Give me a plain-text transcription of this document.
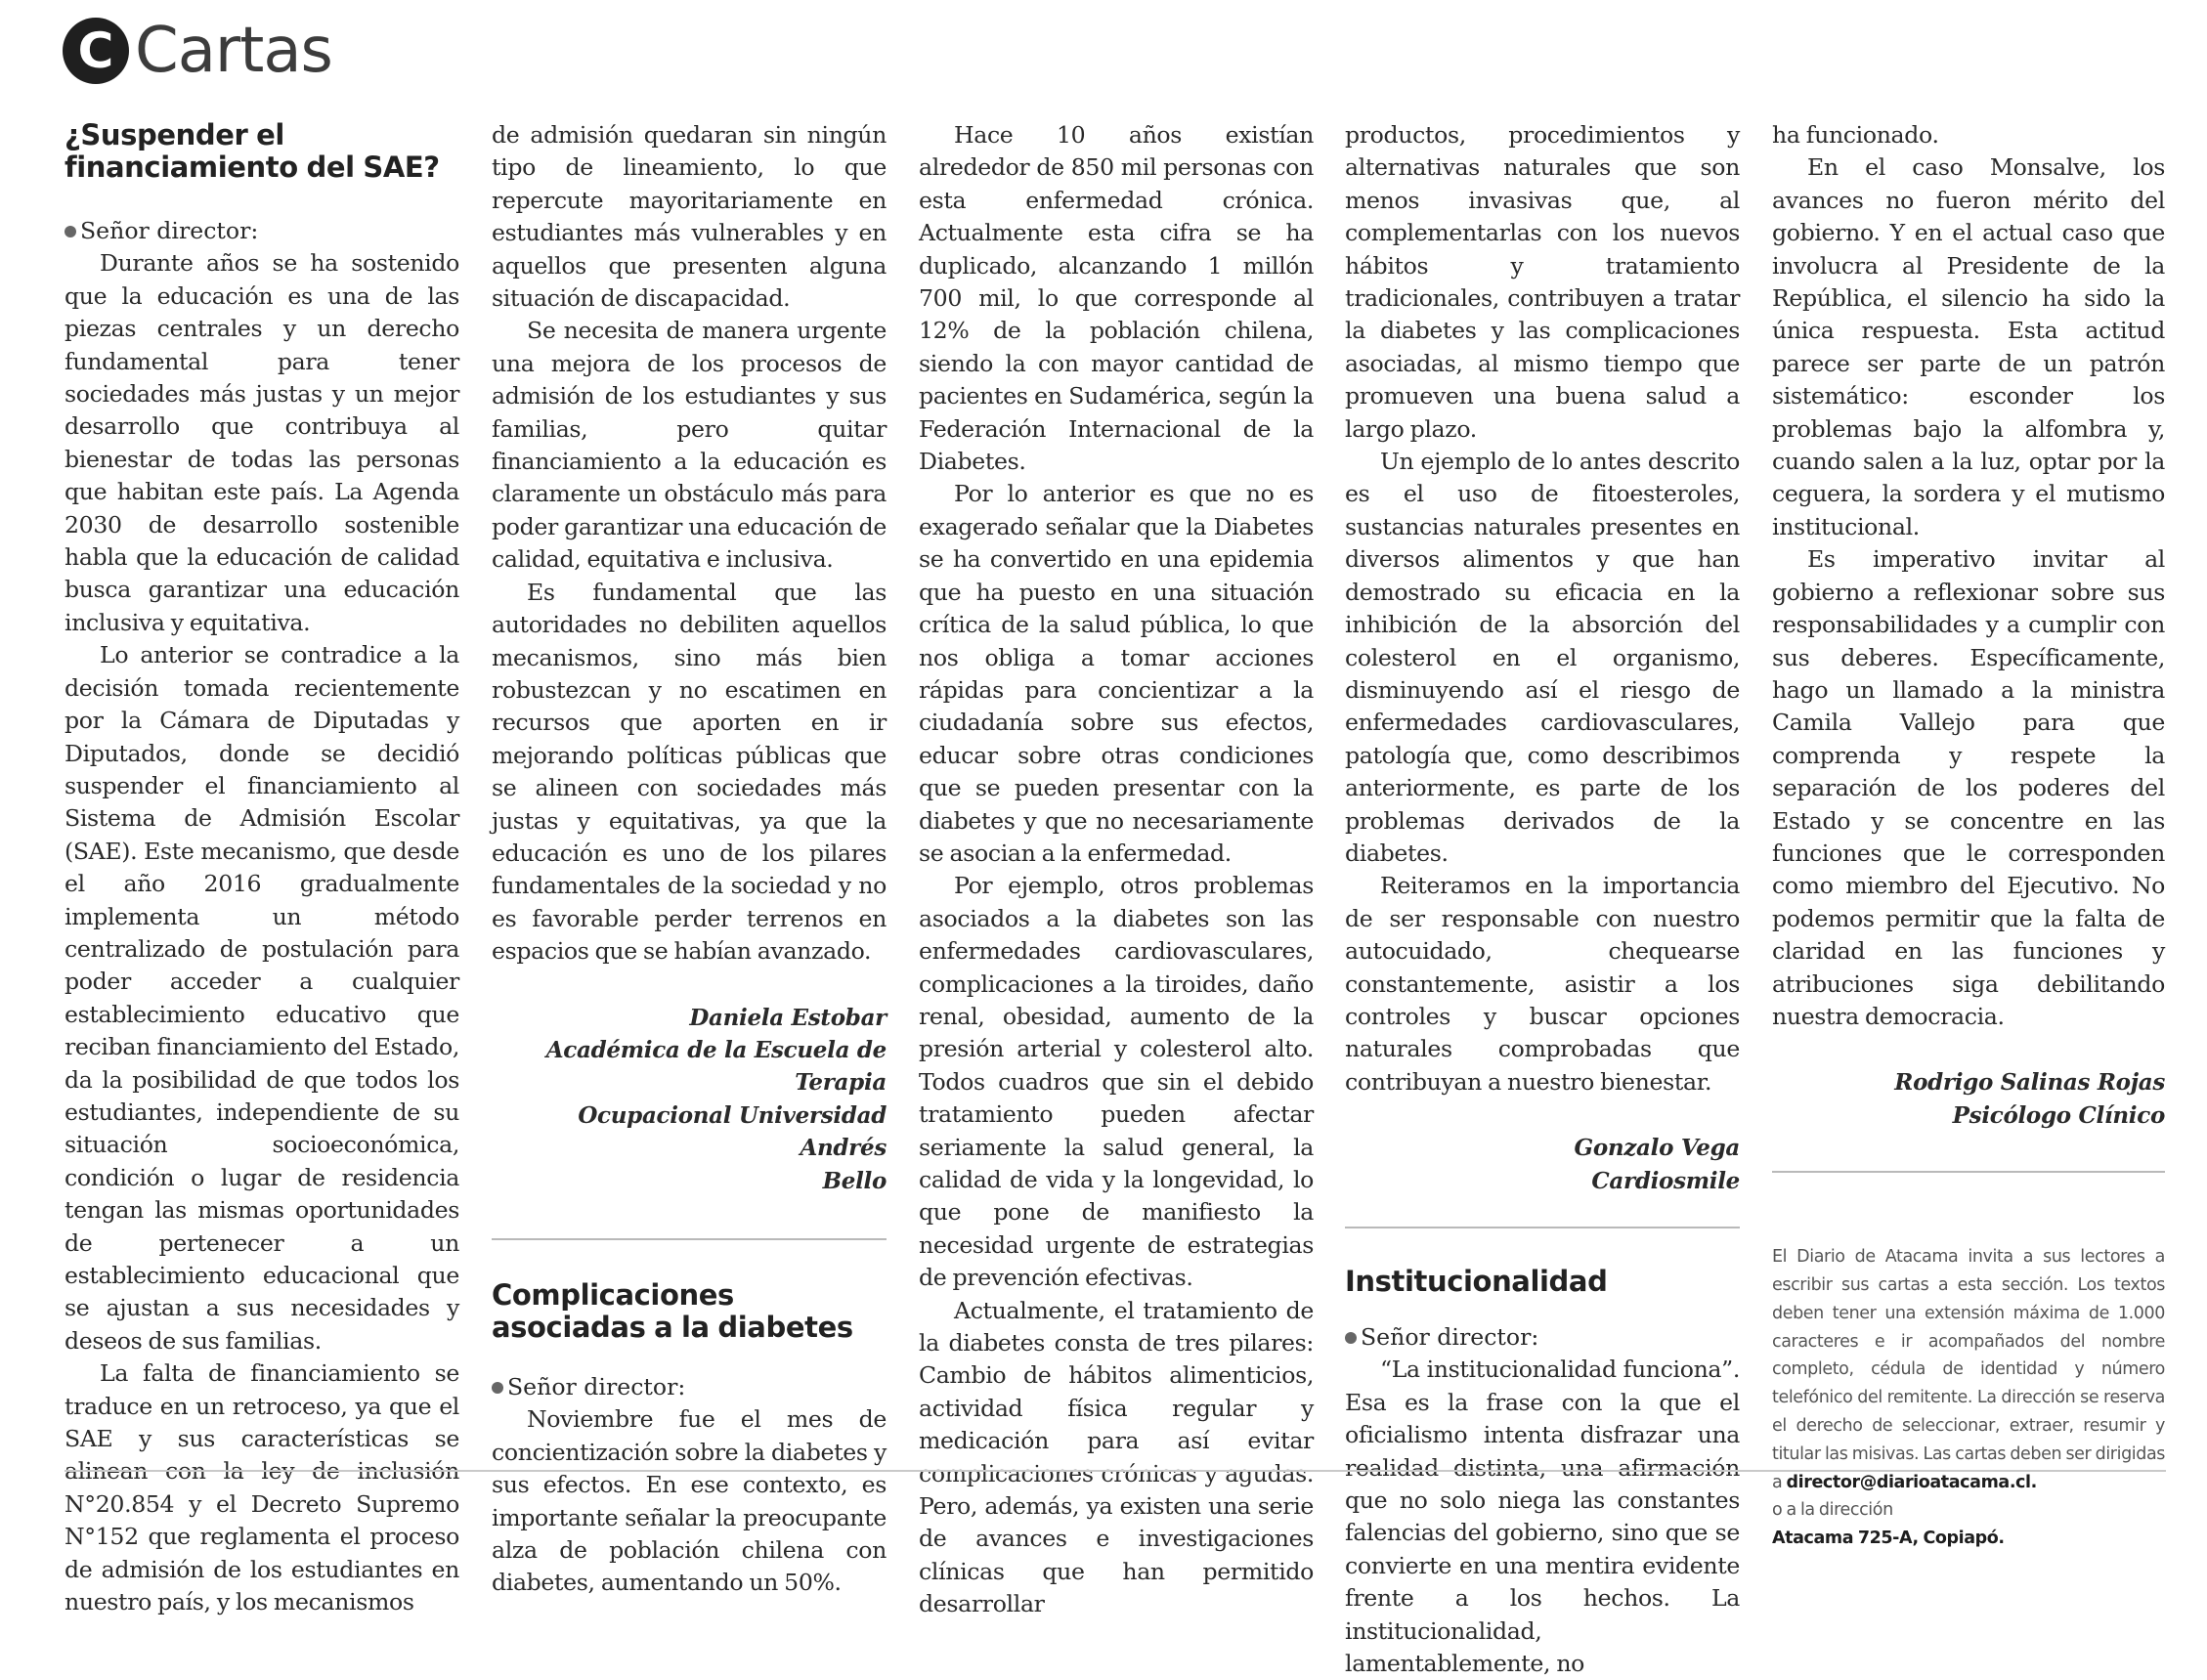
C Cartas
¿Suspender el financiamiento del SAE?

Señor director:

Durante años se ha sostenido que la educación es una de las piezas centrales y un derecho fundamental para tener sociedades más justas y un mejor desarrollo que contribuya al bienestar de todas las personas que habitan este país. La Agenda 2030 de desarrollo sostenible habla que la educación de calidad busca garantizar una educación inclusiva y equitativa.

Lo anterior se contradice a la decisión tomada recientemente por la Cámara de Diputadas y Diputados, donde se decidió suspender el financiamiento al Sistema de Admisión Escolar (SAE). Este mecanismo, que desde el año 2016 gradualmente implementa un método centralizado de postulación para poder acceder a cualquier establecimiento educativo que reciban financiamiento del Estado, da la posibilidad de que todos los estudiantes, independiente de su situación socioeconómica, condición o lugar de residencia tengan las mismas oportunidades de pertenecer a un establecimiento educacional que se ajustan a sus necesidades y deseos de sus familias.

La falta de financiamiento se traduce en un retroceso, ya que el SAE y sus características se alinean con la ley de inclusión N°20.854 y el Decreto Supremo N°152 que reglamenta el proceso de admisión de los estudiantes en nuestro país, y los mecanismos

de admisión quedaran sin ningún tipo de lineamiento, lo que repercute mayoritariamente en estudiantes más vulnerables y en aquellos que presenten alguna situación de discapacidad.

Se necesita de manera urgente una mejora de los procesos de admisión de los estudiantes y sus familias, pero quitar financiamiento a la educación es claramente un obstáculo más para poder garantizar una educación de calidad, equitativa e inclusiva.

Es fundamental que las autoridades no debiliten aquellos mecanismos, sino más bien robustezcan y no escatimen en recursos que aporten en ir mejorando políticas públicas que se alineen con sociedades más justas y equitativas, ya que la educación es uno de los pilares fundamentales de la sociedad y no es favorable perder terrenos en espacios que se habían avanzado.

Daniela Estobar
Académica de la Escuela de Terapia
Ocupacional Universidad Andrés
Bello
Complicaciones asociadas a la diabetes

Señor director:

Noviembre fue el mes de concientización sobre la diabetes y sus efectos. En ese contexto, es importante señalar la preocupante alza de población chilena con diabetes, aumentando un 50%.

Hace 10 años existían alrededor de 850 mil personas con esta enfermedad crónica. Actualmente esta cifra se ha duplicado, alcanzando 1 millón 700 mil, lo que corresponde al 12% de la población chilena, siendo la con mayor cantidad de pacientes en Sudamérica, según la Federación Internacional de la Diabetes.

Por lo anterior es que no es exagerado señalar que la Diabetes se ha convertido en una epidemia que ha puesto en una situación crítica de la salud pública, lo que nos obliga a tomar acciones rápidas para concientizar a la ciudadanía sobre sus efectos, educar sobre otras condiciones que se pueden presentar con la diabetes y que no necesariamente se asocian a la enfermedad.

Por ejemplo, otros problemas asociados a la diabetes son las enfermedades cardiovasculares, complicaciones a la tiroides, daño renal, obesidad, aumento de la presión arterial y colesterol alto. Todos cuadros que sin el debido tratamiento pueden afectar seriamente la salud general, la calidad de vida y la longevidad, lo que pone de manifiesto la necesidad urgente de estrategias de prevención efectivas.

Actualmente, el tratamiento de la diabetes consta de tres pilares: Cambio de hábitos alimenticios, actividad física regular y medicación para así evitar complicaciones crónicas y agudas. Pero, además, ya existen una serie de avances e investigaciones clínicas que han permitido desarrollar

productos, procedimientos y alternativas naturales que son menos invasivas que, al complementarlas con los nuevos hábitos y tratamiento tradicionales, contribuyen a tratar la diabetes y las complicaciones asociadas, al mismo tiempo que promueven una buena salud a largo plazo.

Un ejemplo de lo antes descrito es el uso de fitoesteroles, sustancias naturales presentes en diversos alimentos y que han demostrado su eficacia en la inhibición de la absorción del colesterol en el organismo, disminuyendo así el riesgo de enfermedades cardiovasculares, patología que, como describimos anteriormente, es parte de los problemas derivados de la diabetes.

Reiteramos en la importancia de ser responsable con nuestro autocuidado, chequearse constantemente, asistir a los controles y buscar opciones naturales comprobadas que contribuyan a nuestro bienestar.

Gonzalo Vega
Cardiosmile
Institucionalidad

Señor director:

“La institucionalidad funciona”. Esa es la frase con la que el oficialismo intenta disfrazar una realidad distinta, una afirmación que no solo niega las constantes falencias del gobierno, sino que se convierte en una mentira evidente frente a los hechos. La institucionalidad, lamentablemente, no

ha funcionado.

En el caso Monsalve, los avances no fueron mérito del gobierno. Y en el actual caso que involucra al Presidente de la República, el silencio ha sido la única respuesta. Esta actitud parece ser parte de un patrón sistemático: esconder los problemas bajo la alfombra y, cuando salen a la luz, optar por la ceguera, la sordera y el mutismo institucional.

Es imperativo invitar al gobierno a reflexionar sobre sus responsabilidades y a cumplir con sus deberes. Específicamente, hago un llamado a la ministra Camila Vallejo para que comprenda y respete la separación de los poderes del Estado y se concentre en las funciones que le corresponden como miembro del Ejecutivo. No podemos permitir que la falta de claridad en las funciones y atribuciones siga debilitando nuestra democracia.

Rodrigo Salinas Rojas
Psicólogo Clínico
El Diario de Atacama invita a sus lectores a escribir sus cartas a esta sección. Los textos deben tener una extensión máxima de 1.000 caracteres e ir acompañados del nombre completo, cédula de identidad y número telefónico del remitente. La dirección se reserva el derecho de seleccionar, extraer, resumir y titular las misivas. Las cartas deben ser dirigidas a director@diarioatacama.cl.
o a la dirección
Atacama 725-A, Copiapó.
